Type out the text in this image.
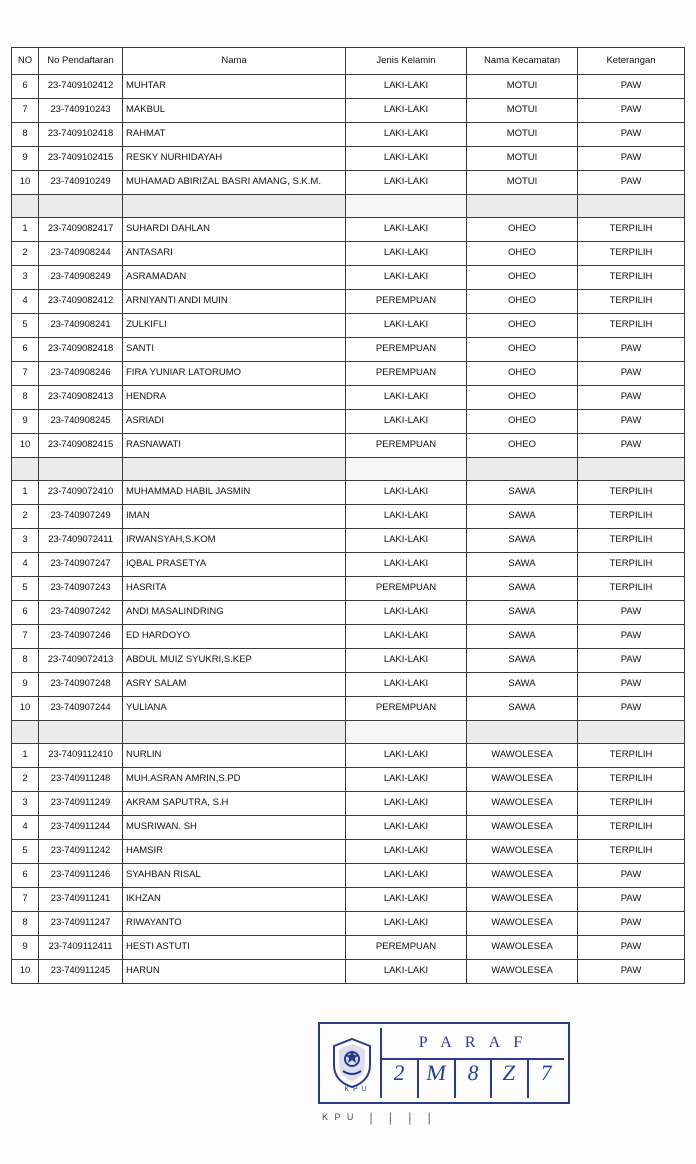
NO	No Pendaftaran	Nama	Jenis Kelamin	Nama Kecamatan	Keterangan
6	23-7409102412	MUHTAR	LAKI-LAKI	MOTUI	PAW
7	23-740910243	MAKBUL	LAKI-LAKI	MOTUI	PAW
8	23-7409102418	RAHMAT	LAKI-LAKI	MOTUI	PAW
9	23-7409102415	RESKY NURHIDAYAH	LAKI-LAKI	MOTUI	PAW
10	23-740910249	MUHAMAD ABIRIZAL BASRI AMANG, S.K.M.	LAKI-LAKI	MOTUI	PAW

1	23-7409082417	SUHARDI DAHLAN	LAKI-LAKI	OHEO	TERPILIH
2	23-740908244	ANTASARI	LAKI-LAKI	OHEO	TERPILIH
3	23-740908249	ASRAMADAN	LAKI-LAKI	OHEO	TERPILIH
4	23-7409082412	ARNIYANTI ANDI MUIN	PEREMPUAN	OHEO	TERPILIH
5	23-740908241	ZULKIFLI	LAKI-LAKI	OHEO	TERPILIH
6	23-7409082418	SANTI	PEREMPUAN	OHEO	PAW
7	23-740908246	FIRA YUNIAR LATORUMO	PEREMPUAN	OHEO	PAW
8	23-7409082413	HENDRA	LAKI-LAKI	OHEO	PAW
9	23-740908245	ASRIADI	LAKI-LAKI	OHEO	PAW
10	23-7409082415	RASNAWATI	PEREMPUAN	OHEO	PAW

1	23-7409072410	MUHAMMAD HABIL JASMIN	LAKI-LAKI	SAWA	TERPILIH
2	23-740907249	IMAN	LAKI-LAKI	SAWA	TERPILIH
3	23-7409072411	IRWANSYAH,S.KOM	LAKI-LAKI	SAWA	TERPILIH
4	23-740907247	IQBAL PRASETYA	LAKI-LAKI	SAWA	TERPILIH
5	23-740907243	HASRITA	PEREMPUAN	SAWA	TERPILIH
6	23-740907242	ANDI MASALINDRING	LAKI-LAKI	SAWA	PAW
7	23-740907246	ED HARDOYO	LAKI-LAKI	SAWA	PAW
8	23-7409072413	ABDUL MUIZ SYUKRI,S.KEP	LAKI-LAKI	SAWA	PAW
9	23-740907248	ASRY SALAM	LAKI-LAKI	SAWA	PAW
10	23-740907244	YULIANA	PEREMPUAN	SAWA	PAW

1	23-7409112410	NURLIN	LAKI-LAKI	WAWOLESEA	TERPILIH
2	23-740911248	MUH.ASRAN AMRIN,S.PD	LAKI-LAKI	WAWOLESEA	TERPILIH
3	23-740911249	AKRAM SAPUTRA, S.H	LAKI-LAKI	WAWOLESEA	TERPILIH
4	23-740911244	MUSRIWAN. SH	LAKI-LAKI	WAWOLESEA	TERPILIH
5	23-740911242	HAMSIR	LAKI-LAKI	WAWOLESEA	TERPILIH
6	23-740911246	SYAHBAN RISAL	LAKI-LAKI	WAWOLESEA	PAW
7	23-740911241	IKHZAN	LAKI-LAKI	WAWOLESEA	PAW
8	23-740911247	RIWAYANTO	LAKI-LAKI	WAWOLESEA	PAW
9	23-7409112411	HESTI ASTUTI	PEREMPUAN	WAWOLESEA	PAW
10	23-740911245	HARUN	LAKI-LAKI	WAWOLESEA	PAW
K P U
P A R A F
2 M 8 Z 7
K P U | | | |
